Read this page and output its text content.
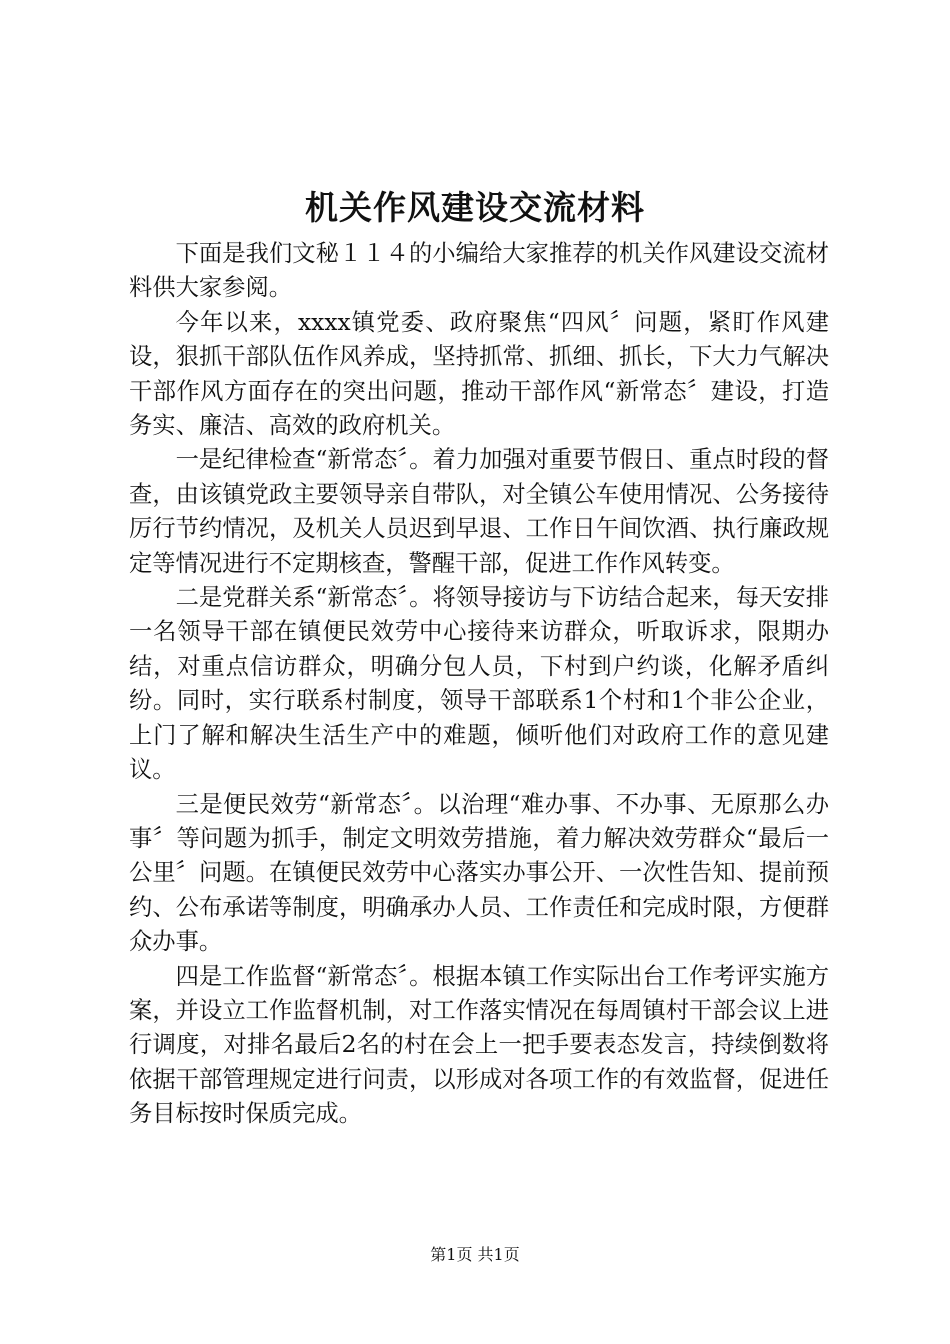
机关作风建设交流材料

下面是我们文秘１１４的小编给大家推荐的机关作风建设交流材料供大家参阅。

今年以来，xxxx镇党委、政府聚焦“四风〞问题，紧盯作风建设，狠抓干部队伍作风养成，坚持抓常、抓细、抓长，下大力气解决干部作风方面存在的突出问题，推动干部作风“新常态〞建设，打造务实、廉洁、高效的政府机关。

一是纪律检查“新常态〞。着力加强对重要节假日、重点时段的督查，由该镇党政主要领导亲自带队，对全镇公车使用情况、公务接待厉行节约情况，及机关人员迟到早退、工作日午间饮酒、执行廉政规定等情况进行不定期核查，警醒干部，促进工作作风转变。

二是党群关系“新常态〞。将领导接访与下访结合起来，每天安排一名领导干部在镇便民效劳中心接待来访群众，听取诉求，限期办结，对重点信访群众，明确分包人员，下村到户约谈，化解矛盾纠纷。同时，实行联系村制度，领导干部联系1个村和1个非公企业，上门了解和解决生活生产中的难题，倾听他们对政府工作的意见建议。

三是便民效劳“新常态〞。以治理“难办事、不办事、无原那么办事〞等问题为抓手，制定文明效劳措施，着力解决效劳群众“最后一公里〞问题。在镇便民效劳中心落实办事公开、一次性告知、提前预约、公布承诺等制度，明确承办人员、工作责任和完成时限，方便群众办事。

四是工作监督“新常态〞。根据本镇工作实际出台工作考评实施方案，并设立工作监督机制，对工作落实情况在每周镇村干部会议上进行调度，对排名最后2名的村在会上一把手要表态发言，持续倒数将依据干部管理规定进行问责，以形成对各项工作的有效监督，促进任务目标按时保质完成。

第1页 共1页
